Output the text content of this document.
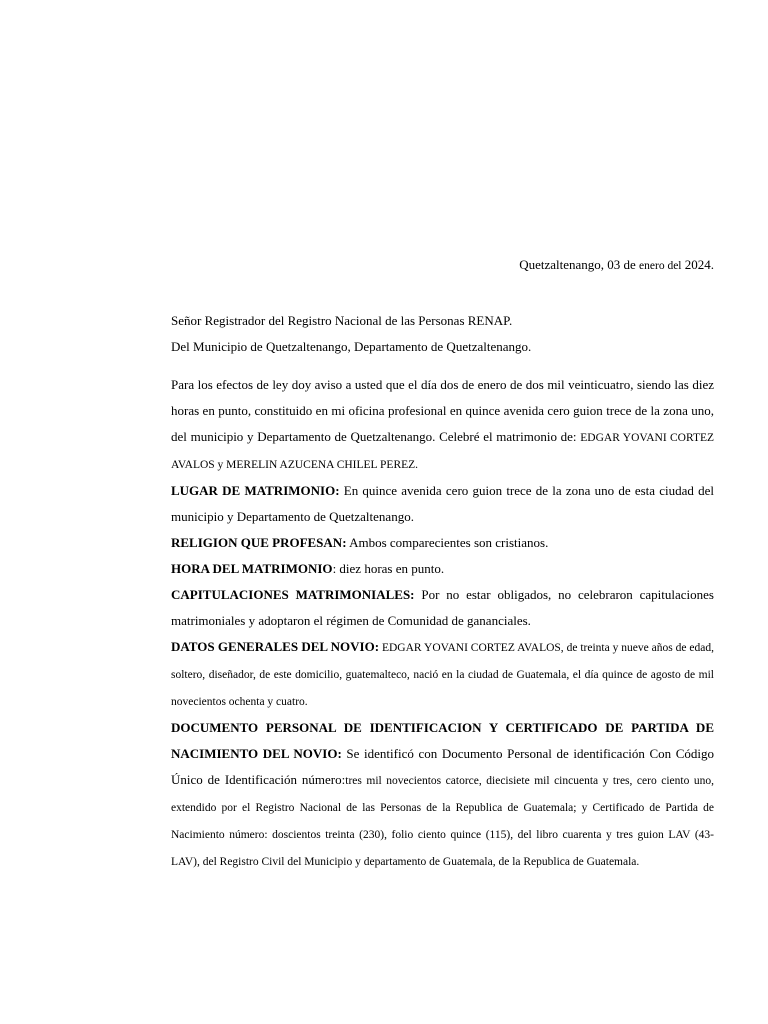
Quetzaltenango, 03 de enero del 2024.
Señor Registrador del Registro Nacional de las Personas RENAP.
Del Municipio de Quetzaltenango, Departamento de Quetzaltenango.

Para los efectos de ley doy aviso a usted que el día dos de enero de dos mil veinticuatro, siendo las diez horas en punto, constituido en mi oficina profesional en quince avenida cero guion trece de la zona uno, del municipio y Departamento de Quetzaltenango. Celebré el matrimonio de: EDGAR YOVANI CORTEZ AVALOS y MERELIN AZUCENA CHILEL PEREZ.

LUGAR DE MATRIMONIO: En quince avenida cero guion trece de la zona uno de esta ciudad del municipio y Departamento de Quetzaltenango.

RELIGION QUE PROFESAN: Ambos comparecientes son cristianos.

HORA DEL MATRIMONIO: diez horas en punto.

CAPITULACIONES MATRIMONIALES: Por no estar obligados, no celebraron capitulaciones matrimoniales y adoptaron el régimen de Comunidad de gananciales.

DATOS GENERALES DEL NOVIO: EDGAR YOVANI CORTEZ AVALOS, de treinta y nueve años de edad, soltero, diseñador, de este domicilio, guatemalteco, nació en la ciudad de Guatemala, el día quince de agosto de mil novecientos ochenta y cuatro.

DOCUMENTO PERSONAL DE IDENTIFICACION Y CERTIFICADO DE PARTIDA DE NACIMIENTO DEL NOVIO: Se identificó con Documento Personal de identificación Con Código Único de Identificación número:tres mil novecientos catorce, diecisiete mil cincuenta y tres, cero ciento uno, extendido por el Registro Nacional de las Personas de la Republica de Guatemala; y Certificado de Partida de Nacimiento número: doscientos treinta (230), folio ciento quince (115), del libro cuarenta y tres guion LAV (43-LAV), del Registro Civil del Municipio y departamento de Guatemala, de la Republica de Guatemala.
